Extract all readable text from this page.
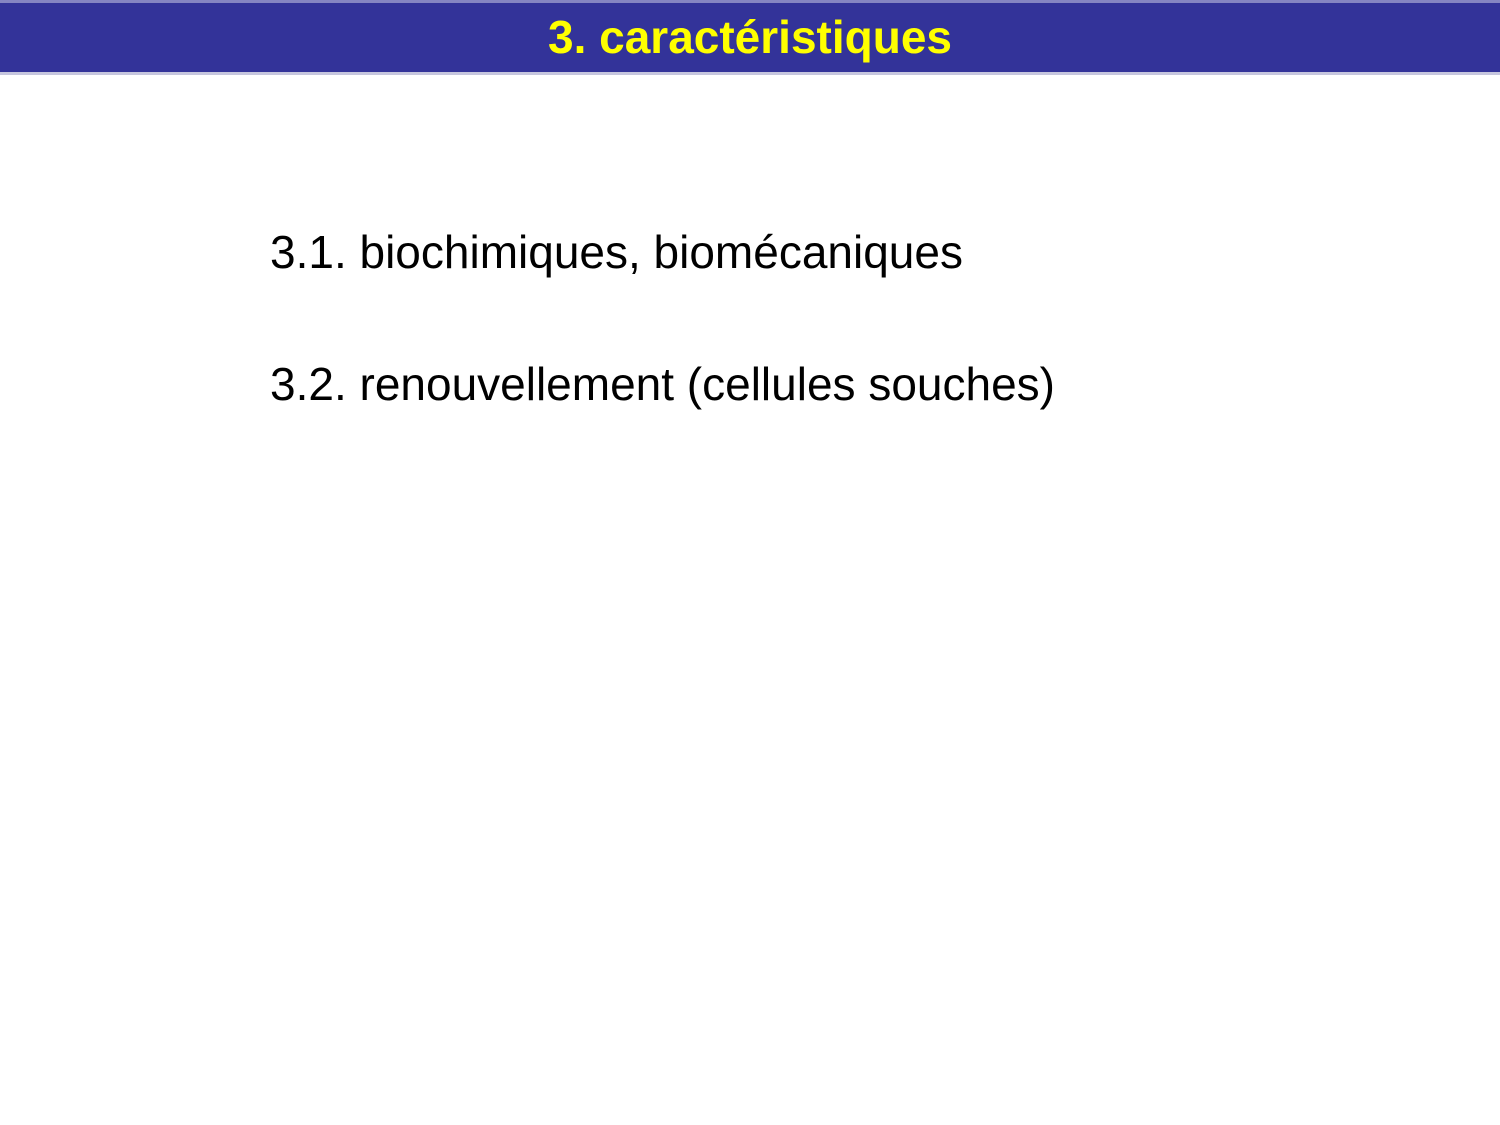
3. caractéristiques
3.1. biochimiques, biomécaniques
3.2. renouvellement (cellules souches)
